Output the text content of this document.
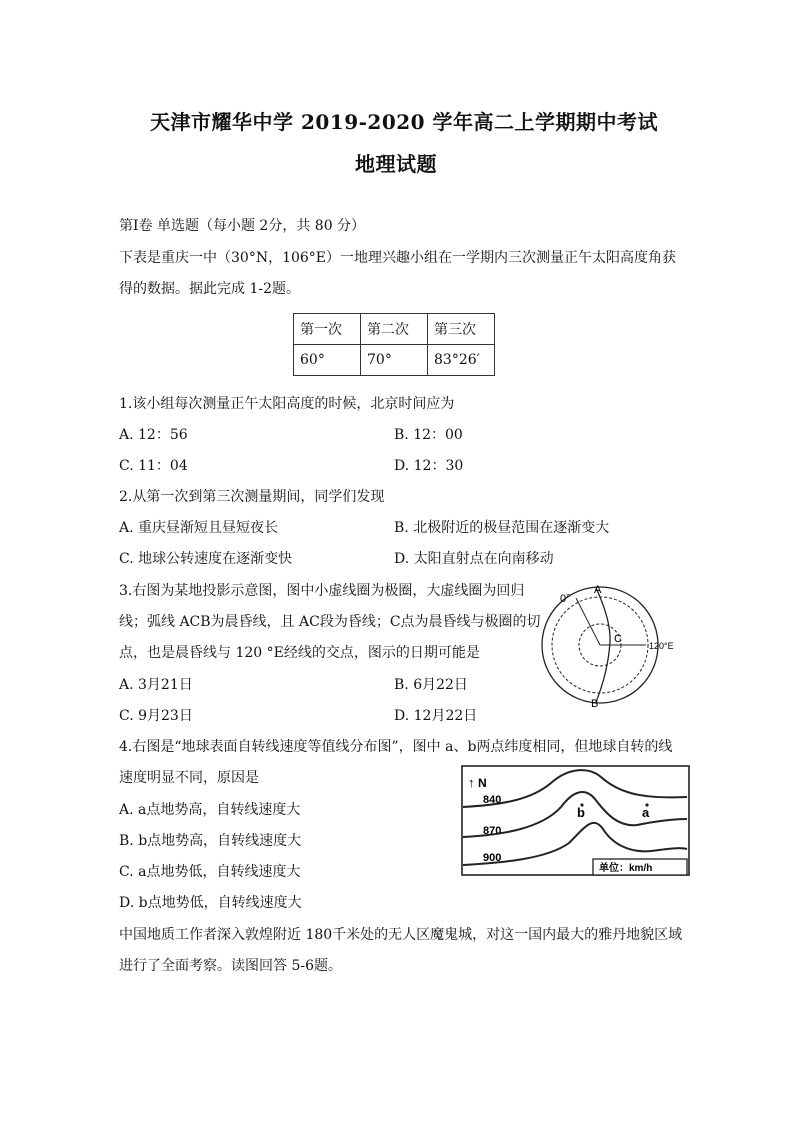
天津市耀华中学 2019-2020 学年高二上学期期中考试
地理试题
第Ⅰ卷 单选题（每小题 2分，共 80 分）
下表是重庆一中（30°N，106°E）一地理兴趣小组在一学期内三次测量正午太阳高度角获
得的数据。据此完成 1-2题。
第一次	第二次	第三次
60°	70°	83°26′
1.该小组每次测量正午太阳高度的时候，北京时间应为
A. 12：56	B. 12：00
C. 11：04	D. 12：30
2.从第一次到第三次测量期间，同学们发现
A. 重庆昼渐短且昼短夜长	B. 北极附近的极昼范围在逐渐变大
C. 地球公转速度在逐渐变快	D. 太阳直射点在向南移动
3.右图为某地投影示意图，图中小虚线圈为极圈，大虚线圈为回归
线；弧线 ACB为晨昏线，且 AC段为昏线；C点为晨昏线与极圈的切
点，也是晨昏线与 120 °E经线的交点，图示的日期可能是
A. 3月21日	B. 6月22日
C. 9月23日	D. 12月22日
0°
A
B
C
120°E
4.右图是“地球表面自转线速度等值线分布图”，图中 a、b两点纬度相同，但地球自转的线
速度明显不同，原因是
A. a点地势高，自转线速度大
B. b点地势高，自转线速度大
C. a点地势低，自转线速度大
D. b点地势低，自转线速度大
↑ N
840
870
900
b	a
单位：km/h
中国地质工作者深入敦煌附近 180千米处的无人区魔鬼城，对这一国内最大的雅丹地貌区域
进行了全面考察。读图回答 5-6题。
